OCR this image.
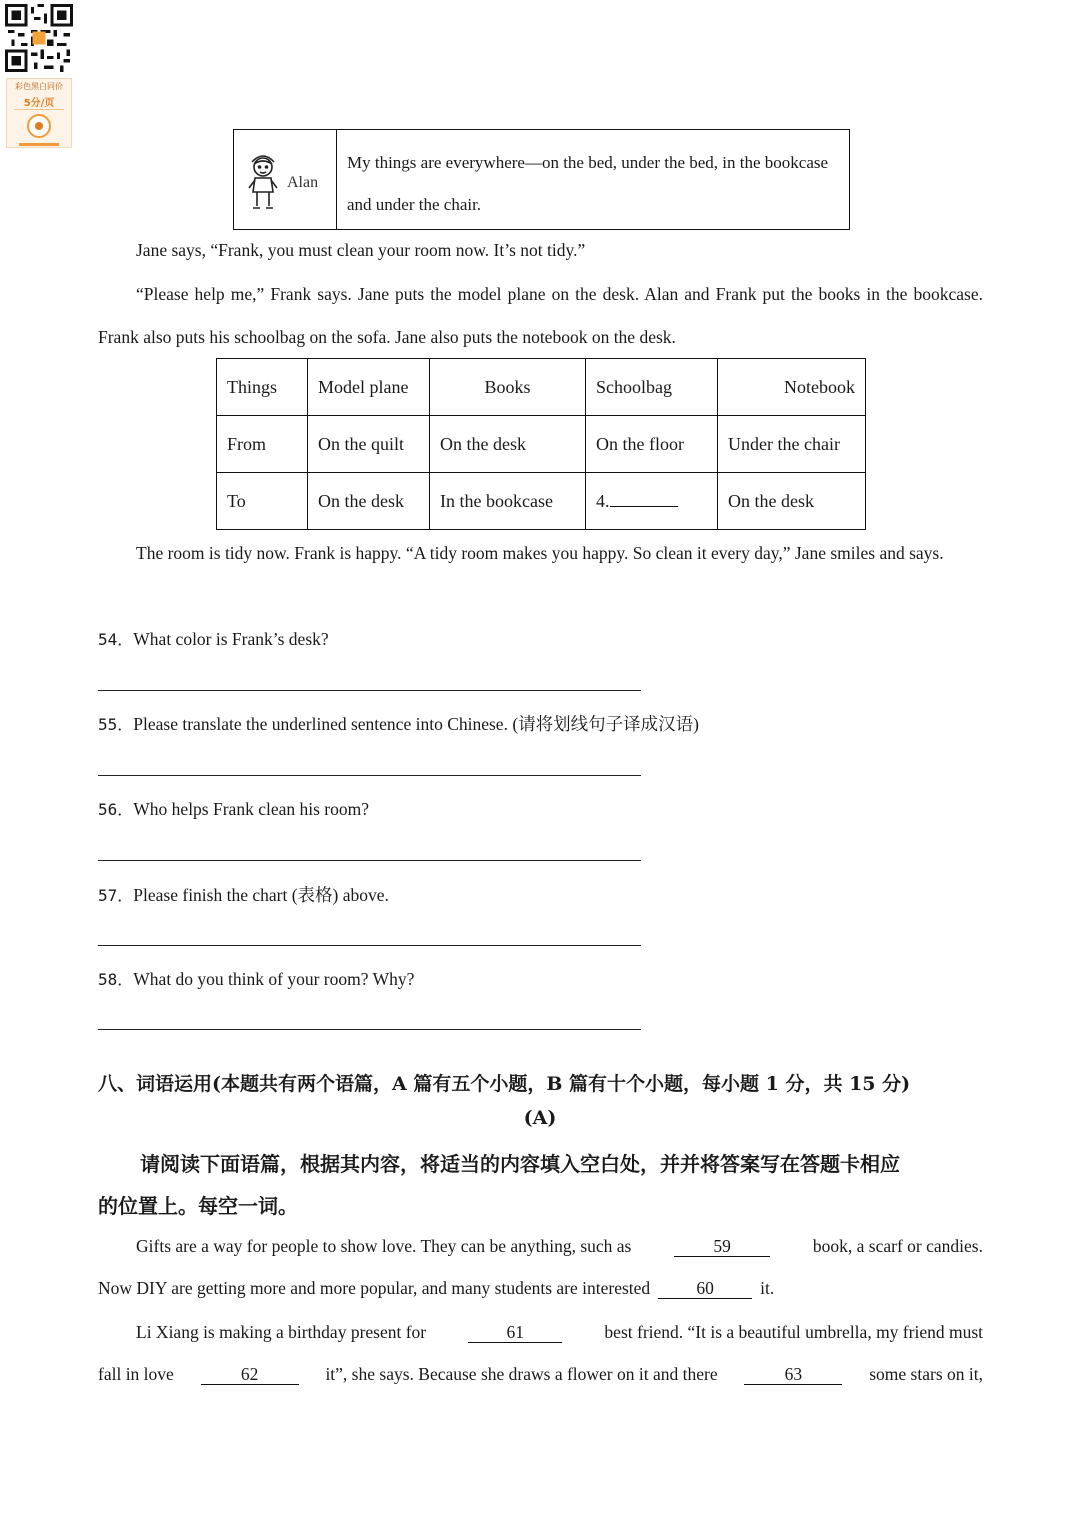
彩色黑白同价
5分/页
Alan
My things are everywhere—on the bed, under the bed, in the bookcase and under the chair.
Jane says, “Frank, you must clean your room now. It’s not tidy.”
“Please help me,” Frank says. Jane puts the model plane on the desk. Alan and Frank put the books in the bookcase. Frank also puts his schoolbag on the sofa. Jane also puts the notebook on the desk.
Things	Model plane	Books	Schoolbag	Notebook
From	On the quilt	On the desk	On the floor	Under the chair
To	On the desk	In the bookcase	4.	On the desk
The room is tidy now. Frank is happy. “A tidy room makes you happy. So clean it every day,” Jane smiles and says.
54．What color is Frank’s desk?
55．Please translate the underlined sentence into Chinese. (请将划线句子译成汉语)
56．Who helps Frank clean his room?
57．Please finish the chart (表格) above.
58．What do you think of your room? Why?
八、词语运用(本题共有两个语篇，A 篇有五个小题，B 篇有十个小题，每小题 1 分，共 15 分)
(A)
请阅读下面语篇，根据其内容，将适当的内容填入空白处，并并将答案写在答题卡相应
的位置上。每空一词。
Gifts are a way for people to show love. They can be anything, such as	59	book, a scarf or candies.
Now DIY are getting more and more popular, and many students are interested	60	it.
Li Xiang is making a birthday present for	61	best friend. “It is a beautiful umbrella, my friend must
fall in love	62	it”, she says. Because she draws a flower on it and there	63	some stars on it,
